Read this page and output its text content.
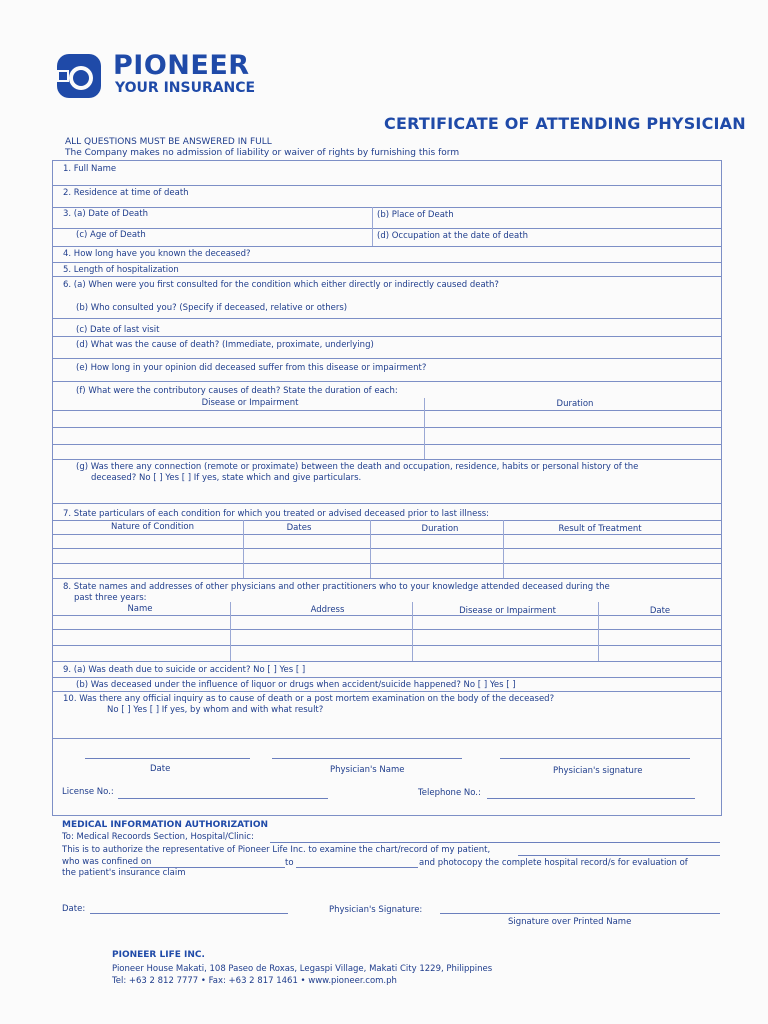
PIONEER
YOUR INSURANCE
CERTIFICATE OF ATTENDING PHYSICIAN
ALL QUESTIONS MUST BE ANSWERED IN FULL
The Company makes no admission of liability or waiver of rights by furnishing this form
1. Full Name
2. Residence at time of death
3. (a) Date of Death	(b) Place of Death
(c) Age of Death	(d) Occupation at the date of death
4. How long have you known the deceased?
5. Length of hospitalization
6. (a) When were you first consulted for the condition which either directly or indirectly caused death?
(b) Who consulted you? (Specify if deceased, relative or others)
(c) Date of last visit
(d) What was the cause of death? (Immediate, proximate, underlying)
(e) How long in your opinion did deceased suffer from this disease or impairment?
(f) What were the contributory causes of death? State the duration of each:
Disease or Impairment	Duration
(g) Was there any connection (remote or proximate) between the death and occupation, residence, habits or personal history of the
deceased? No [ ] Yes [ ] If yes, state which and give particulars.
7. State particulars of each condition for which you treated or advised deceased prior to last illness:
Nature of Condition	Dates	Duration	Result of Treatment
8. State names and addresses of other physicians and other practitioners who to your knowledge attended deceased during the
past three years:
Name	Address	Disease or Impairment	Date
9. (a) Was death due to suicide or accident? No [ ] Yes [ ]
(b) Was deceased under the influence of liquor or drugs when accident/suicide happened? No [ ] Yes [ ]
10. Was there any official inquiry as to cause of death or a post mortem examination on the body of the deceased?
No [ ] Yes [ ] If yes, by whom and with what result?
Date	Physician's Name	Physician's signature
License No.:	Telephone No.:
MEDICAL INFORMATION AUTHORIZATION
To: Medical Recoords Section, Hospital/Clinic:
This is to authorize the representative of Pioneer Life Inc. to examine the chart/record of my patient,
who was confined on	to	and photocopy the complete hospital record/s for evaluation of
the patient's insurance claim
Date:	Physician's Signature:
Signature over Printed Name
PIONEER LIFE INC.
Pioneer House Makati, 108 Paseo de Roxas, Legaspi Village, Makati City 1229, Philippines
Tel: +63 2 812 7777 • Fax: +63 2 817 1461 • www.pioneer.com.ph
